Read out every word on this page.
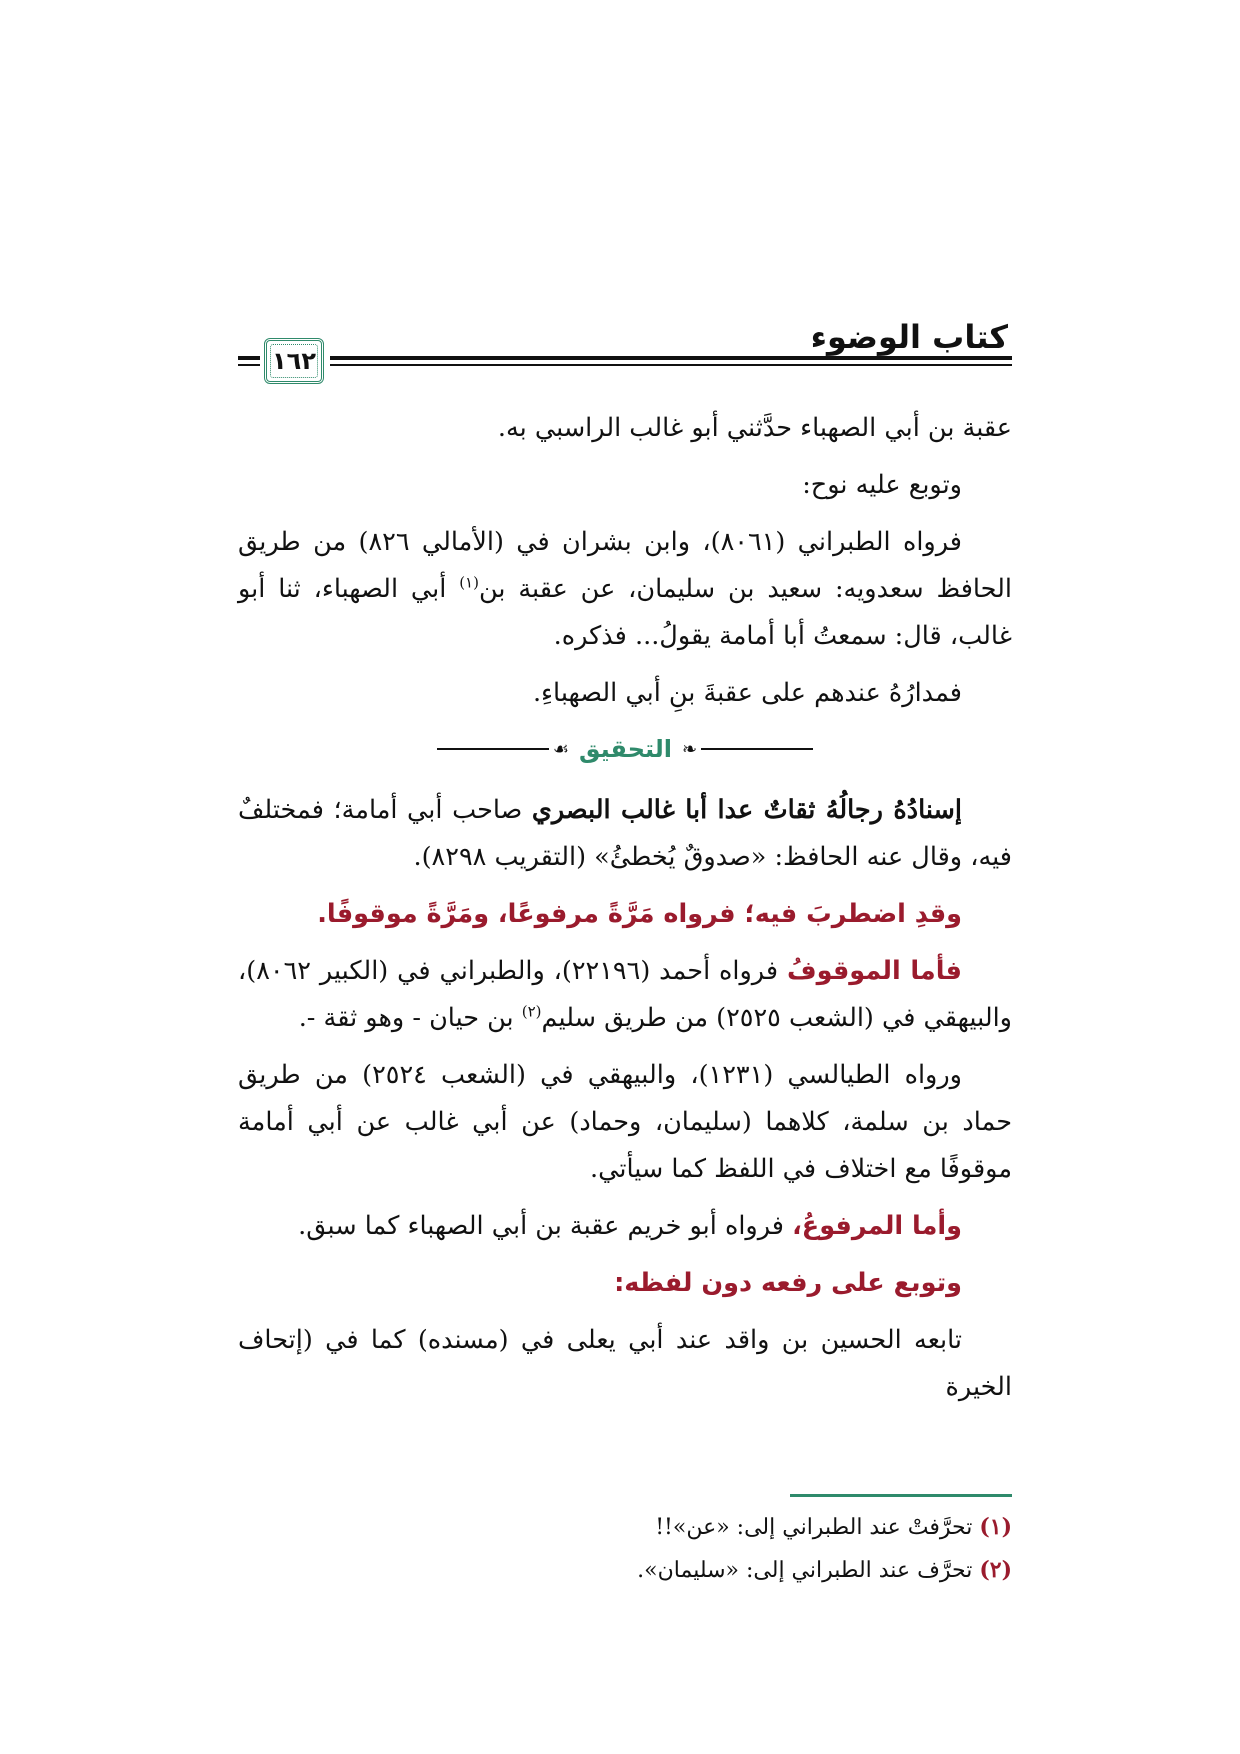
كتاب الوضوء
١٦٢

عقبة بن أبي الصهباء حدَّثني أبو غالب الراسبي به.

وتوبع عليه نوح:

فرواه الطبراني (٨٠٦١)، وابن بشران في (الأمالي ٨٢٦) من طريق الحافظ سعدويه: سعيد بن سليمان، عن عقبة بن$^{(١)}$ أبي الصهباء، ثنا أبو غالب، قال: سمعتُ أبا أمامة يقولُ... فذكره.

فمدارُهُ عندهم على عقبةَ بنِ أبي الصهباءِ.

❧
التحقيق
☙

إسنادُهُ رجالُهُ ثقاتٌ عدا أبا غالب البصري صاحب أبي أمامة؛ فمختلفٌ فيه، وقال عنه الحافظ: «صدوقٌ يُخطئُ» (التقريب ٨٢٩٨).

وقدِ اضطربَ فيه؛ فرواه مَرَّةً مرفوعًا، ومَرَّةً موقوفًا.

فأما الموقوفُ فرواه أحمد (٢٢١٩٦)، والطبراني في (الكبير ٨٠٦٢)، والبيهقي في (الشعب ٢٥٢٥) من طريق سليم$^{(٢)}$ بن حيان - وهو ثقة -.

ورواه الطيالسي (١٢٣١)، والبيهقي في (الشعب ٢٥٢٤) من طريق حماد بن سلمة، كلاهما (سليمان، وحماد) عن أبي غالب عن أبي أمامة موقوفًا مع اختلاف في اللفظ كما سيأتي.

وأما المرفوعُ، فرواه أبو خريم عقبة بن أبي الصهباء كما سبق.

وتوبع على رفعه دون لفظه:

تابعه الحسين بن واقد عند أبي يعلى في (مسنده) كما في (إتحاف الخيرة

(١) تحرَّفتْ عند الطبراني إلى: «عن»!!

(٢) تحرَّف عند الطبراني إلى: «سليمان».
